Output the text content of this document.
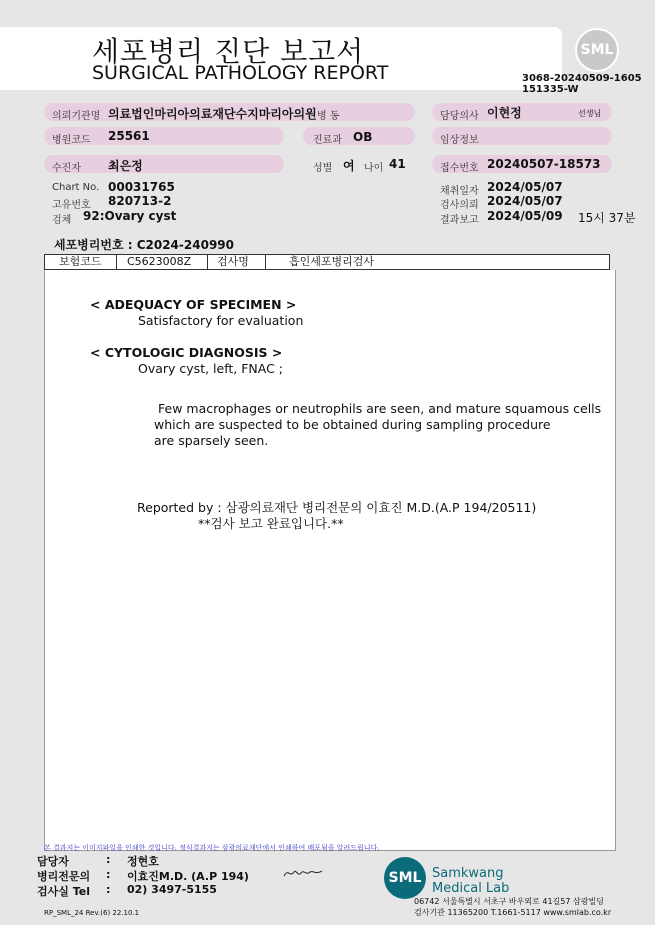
세포병리 진단 보고서
SURGICAL PATHOLOGY REPORT
SML
3068-20240509-1605
151335-W
의뢰기관명 의료법인마리아의료재단수지마리아의원 병 동	담당의사 이현정	선생님
병원코드 25561	진료과 OB	임상정보
수진자 최은정	성별 여 나이 41	접수번호 20240507-18573
Chart No. 00031765
고유번호 820713-2
검체 92:Ovary cyst
채취일자 2024/05/07
검사의뢰 2024/05/07
결과보고 2024/05/09 15시 37분
세포병리번호 : C2024-240990
보험코드 C5623008Z 검사명	흡인세포병리검사
< ADEQUACY OF SPECIMEN >
Satisfactory for evaluation
< CYTOLOGIC DIAGNOSIS >
Ovary cyst, left, FNAC ;
Few macrophages or neutrophils are seen, and mature squamous cells
which are suspected to be obtained during sampling procedure
are sparsely seen.
Reported by : 삼광의료재단 병리전문의 이효진 M.D.(A.P 194/20511)
**검사 보고 완료입니다.**
본 결과지는 이미지파일을 인쇄한 것입니다. 정식결과지는 삼광의료재단에서 인쇄하여 배포됨을 알려드립니다.
담당자	: 정현호
병리전문의 : 이효진M.D. (A.P 194)
검사실 Tel : 02) 3497-5155
RP_SML_24 Rev.(6) 22.10.1
SML Samkwang
Medical Lab
06742 서울특별시 서초구 바우뫼로 41길57 삼광빌딩
검사기관 11365200 T.1661-5117 www.smlab.co.kr
